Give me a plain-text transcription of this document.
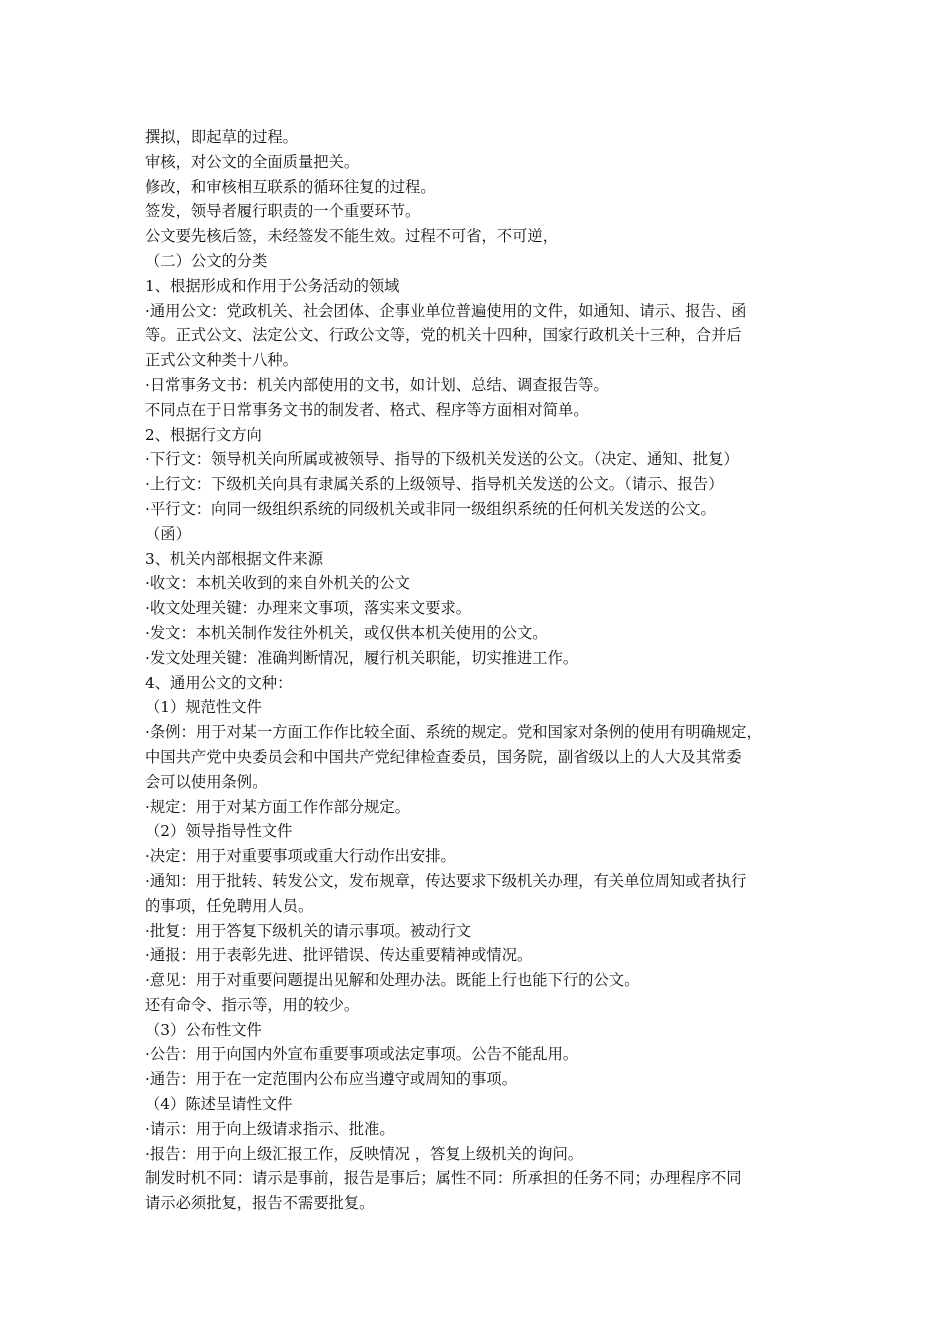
撰拟，即起草的过程。

审核，对公文的全面质量把关。

修改，和审核相互联系的循环往复的过程。

签发，领导者履行职责的一个重要环节。

公文要先核后签，未经签发不能生效。过程不可省，不可逆，

（二）公文的分类

1、根据形成和作用于公务活动的领域

·通用公文：党政机关、社会团体、企事业单位普遍使用的文件，如通知、请示、报告、函

等。正式公文、法定公文、行政公文等，党的机关十四种，国家行政机关十三种，合并后

正式公文种类十八种。

·日常事务文书：机关内部使用的文书，如计划、总结、调查报告等。

不同点在于日常事务文书的制发者、格式、程序等方面相对简单。

2、根据行文方向

·下行文：领导机关向所属或被领导、指导的下级机关发送的公文。（决定、通知、批复）

·上行文：下级机关向具有隶属关系的上级领导、指导机关发送的公文。（请示、报告）

·平行文：向同一级组织系统的同级机关或非同一级组织系统的任何机关发送的公文。

（函）

3、机关内部根据文件来源

·收文：本机关收到的来自外机关的公文

·收文处理关键：办理来文事项，落实来文要求。

·发文：本机关制作发往外机关，或仅供本机关使用的公文。

·发文处理关键：准确判断情况，履行机关职能，切实推进工作。

4、通用公文的文种：

（1）规范性文件

·条例：用于对某一方面工作作比较全面、系统的规定。党和国家对条例的使用有明确规定，

中国共产党中央委员会和中国共产党纪律检查委员，国务院，副省级以上的人大及其常委

会可以使用条例。

·规定：用于对某方面工作作部分规定。

（2）领导指导性文件

·决定：用于对重要事项或重大行动作出安排。

·通知：用于批转、转发公文，发布规章，传达要求下级机关办理，有关单位周知或者执行

的事项，任免聘用人员。

·批复：用于答复下级机关的请示事项。被动行文

·通报：用于表彰先进、批评错误、传达重要精神或情况。

·意见：用于对重要问题提出见解和处理办法。既能上行也能下行的公文。

还有命令、指示等，用的较少。

（3）公布性文件

·公告：用于向国内外宣布重要事项或法定事项。公告不能乱用。

·通告：用于在一定范围内公布应当遵守或周知的事项。

（4）陈述呈请性文件

·请示：用于向上级请求指示、批准。

·报告：用于向上级汇报工作，反映情况 ，答复上级机关的询问。

制发时机不同：请示是事前，报告是事后；属性不同：所承担的任务不同；办理程序不同

请示必须批复，报告不需要批复。
